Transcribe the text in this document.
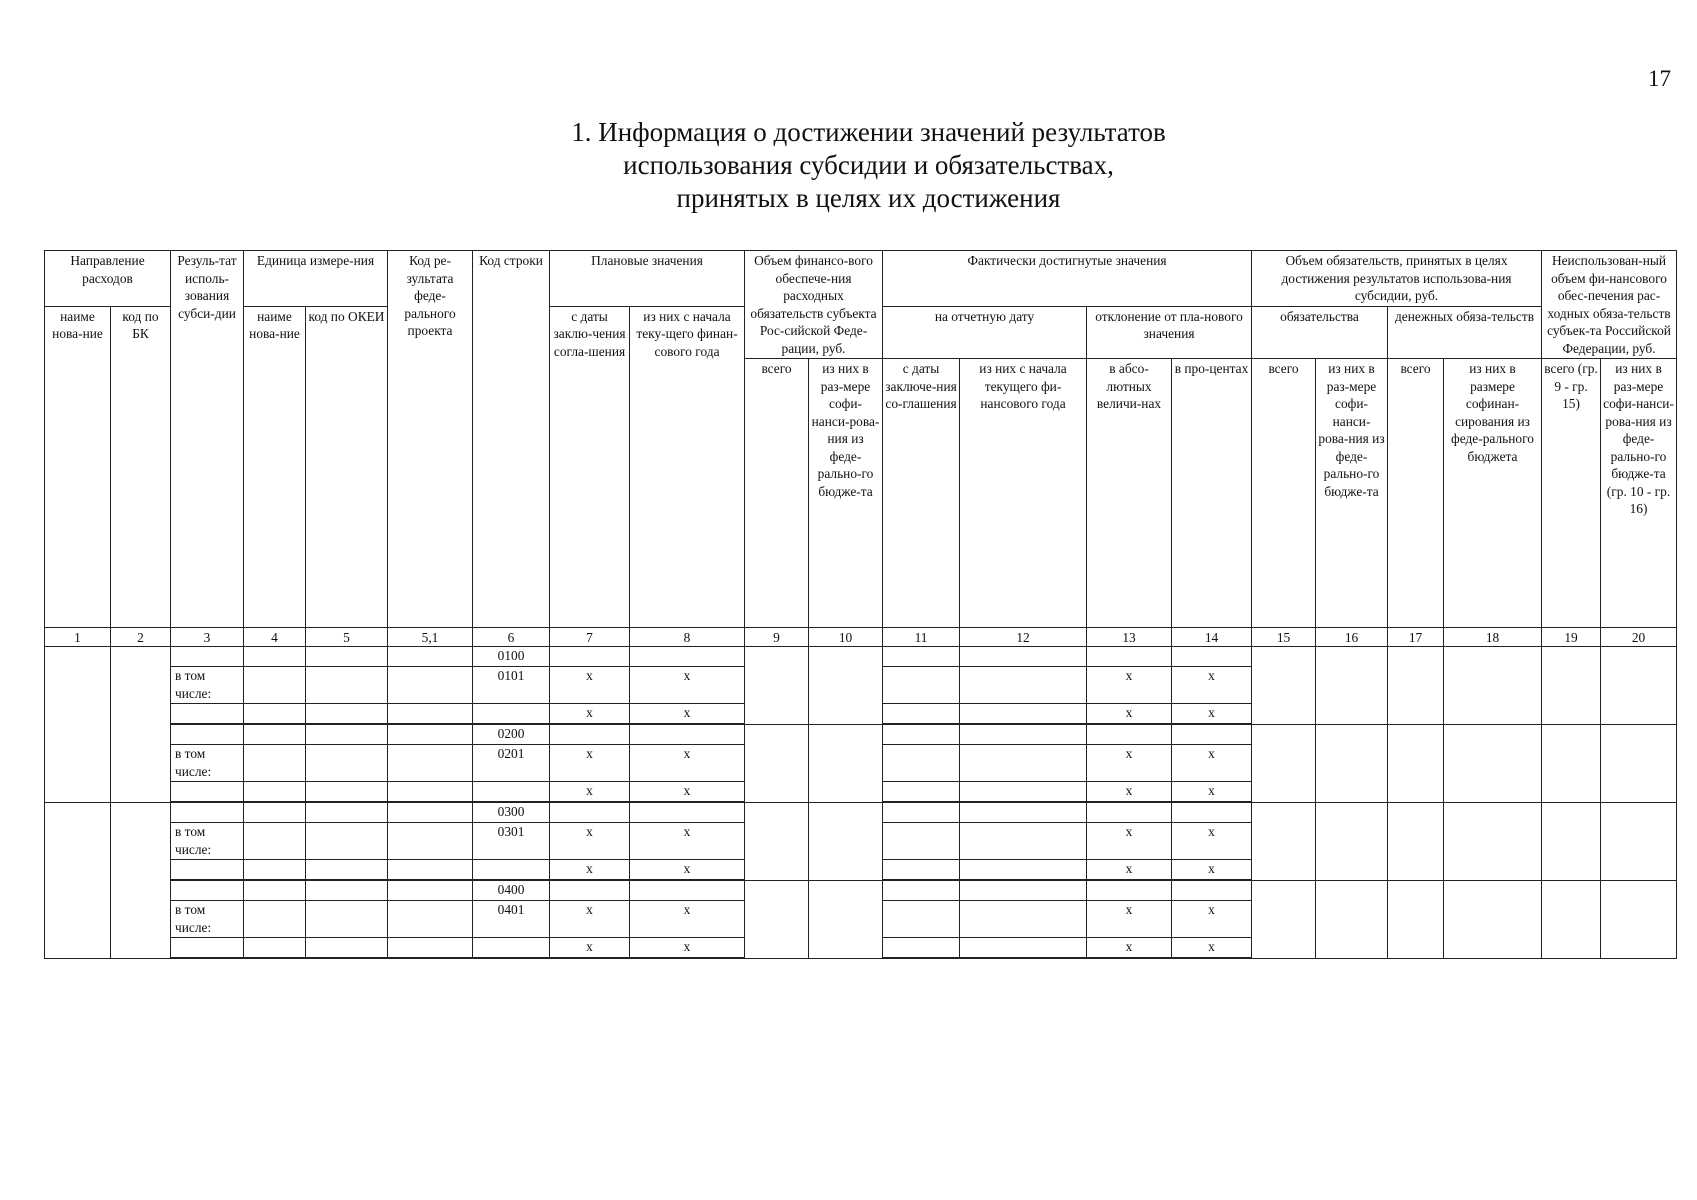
17
1. Информация о достижении значений результатов
использования субсидии и обязательствах,
принятых в целях их достижения
Направление расходов		Резуль-тат исполь-зования субси-дии	Единица измере-ния		Код ре-зультата феде-рального проекта	Код строки	Плановые значения		Объем финансо-вого обеспече-ния расходных обязательств субъекта Рос-сийской Феде-рации, руб.		Фактически достигнутые значения				Объем обязательств, принятых в целях достижения результатов использова-ния субсидии, руб.				Неиспользован-ный объем фи-нансового обес-печения рас-ходных обяза-тельств субъек-та Российской Федерации, руб.	
наиме нова-ние	код по БК		наиме нова-ние	код по ОКЕИ			с даты заклю-чения согла-шения	из них с начала теку-щего финан-сового года			на отчетную дату		отклонение от пла-нового значения		обязательства		денежных обяза-тельств			
									всего	из них в раз-мере софи-нанси-рова-ния из феде-рально-го бюдже-та	с даты заключе-ния со-глашения	из них с начала текущего фи-нансового года	в абсо-лютных величи-нах	в про-центах	всего	из них в раз-мере софи-нанси-рова-ния из феде-рально-го бюдже-та	всего	из них в размере софинан-сирования из феде-рального бюджета	всего (гр. 9 - гр. 15)	из них в раз-мере софи-нанси-рова-ния из феде-рально-го бюдже-та (гр. 10 - гр. 16)
1	2	3	4	5	5,1	6	7	8	9	10	11	12	13	14	15	16	17	18	19	20
						0100														
		в том числе:				0101	x	x					x	x						
							x	x					x	x						

						0200														
		в том числе:				0201	x	x					x	x						
							x	x					x	x						

						0300														
		в том числе:				0301	x	x					x	x						
							x	x					x	x						

						0400														
		в том числе:				0401	x	x					x	x						
							x	x					x	x						
